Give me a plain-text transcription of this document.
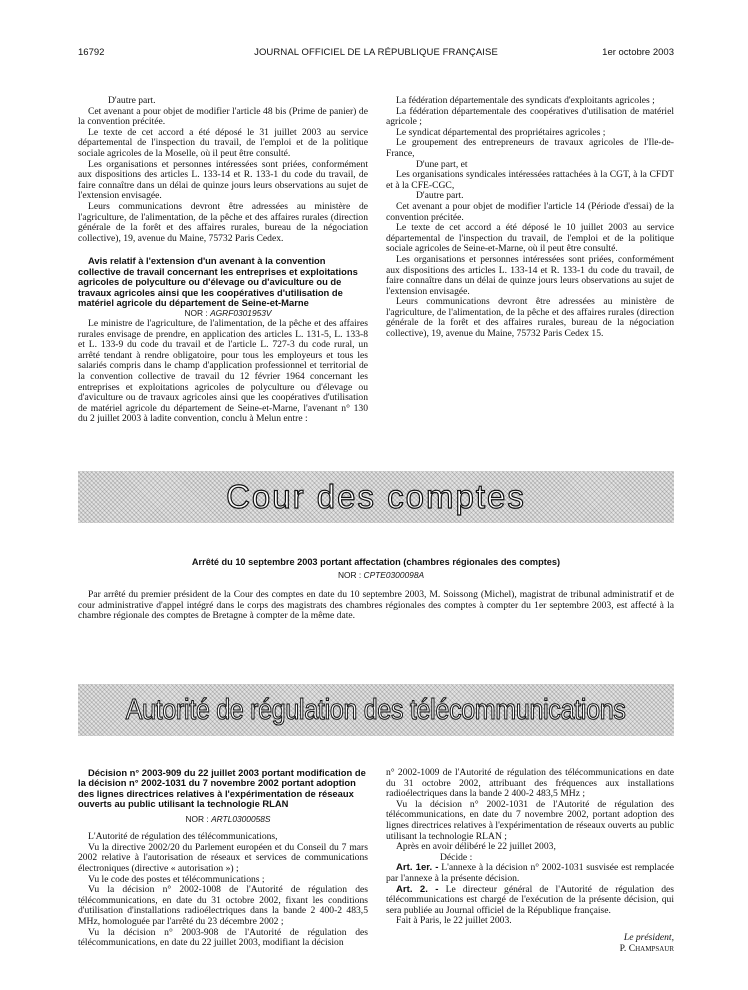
16792	JOURNAL OFFICIEL DE LA RÉPUBLIQUE FRANÇAISE	1er octobre 2003

D'autre part.

Cet avenant a pour objet de modifier l'article 48 bis (Prime de panier) de la convention précitée.

Le texte de cet accord a été déposé le 31 juillet 2003 au service départemental de l'inspection du travail, de l'emploi et de la politique sociale agricoles de la Moselle, où il peut être consulté.

Les organisations et personnes intéressées sont priées, conformément aux dispositions des articles L. 133-14 et R. 133-1 du code du travail, de faire connaître dans un délai de quinze jours leurs observations au sujet de l'extension envisagée.

Leurs communications devront être adressées au ministère de l'agriculture, de l'alimentation, de la pêche et des affaires rurales (direction générale de la forêt et des affaires rurales, bureau de la négociation collective), 19, avenue du Maine, 75732 Paris Cedex.

Avis relatif à l'extension d'un avenant à la convention collective de travail concernant les entreprises et exploitations agricoles de polyculture ou d'élevage ou d'aviculture ou de travaux agricoles ainsi que les coopératives d'utilisation de matériel agricole du département de Seine-et-Marne

NOR : AGRF0301953V

Le ministre de l'agriculture, de l'alimentation, de la pêche et des affaires rurales envisage de prendre, en application des articles L. 131-5, L. 133-8 et L. 133-9 du code du travail et de l'article L. 727-3 du code rural, un arrêté tendant à rendre obligatoire, pour tous les employeurs et tous les salariés compris dans le champ d'application professionnel et territorial de la convention collective de travail du 12 février 1964 concernant les entreprises et exploitations agricoles de polyculture ou d'élevage ou d'aviculture ou de travaux agricoles ainsi que les coopératives d'utilisation de matériel agricole du département de Seine-et-Marne, l'avenant n° 130 du 2 juillet 2003 à ladite convention, conclu à Melun entre :

La fédération départementale des syndicats d'exploitants agricoles ;

La fédération départementale des coopératives d'utilisation de matériel agricole ;

Le syndicat départemental des propriétaires agricoles ;

Le groupement des entrepreneurs de travaux agricoles de l'Ile-de-France,

D'une part, et

Les organisations syndicales intéressées rattachées à la CGT, à la CFDT et à la CFE-CGC,

D'autre part.

Cet avenant a pour objet de modifier l'article 14 (Période d'essai) de la convention précitée.

Le texte de cet accord a été déposé le 10 juillet 2003 au service départemental de l'inspection du travail, de l'emploi et de la politique sociale agricoles de Seine-et-Marne, où il peut être consulté.

Les organisations et personnes intéressées sont priées, conformément aux dispositions des articles L. 133-14 et R. 133-1 du code du travail, de faire connaître dans un délai de quinze jours leurs observations au sujet de l'extension envisagée.

Leurs communications devront être adressées au ministère de l'agriculture, de l'alimentation, de la pêche et des affaires rurales (direction générale de la forêt et des affaires rurales, bureau de la négociation collective), 19, avenue du Maine, 75732 Paris Cedex 15.

Cour des comptes
Arrêté du 10 septembre 2003 portant affectation (chambres régionales des comptes)

NOR : CPTE0300098A

Par arrêté du premier président de la Cour des comptes en date du 10 septembre 2003, M. Soissong (Michel), magistrat de tribunal administratif et de cour administrative d'appel intégré dans le corps des magistrats des chambres régionales des comptes à compter du 1er septembre 2003, est affecté à la chambre régionale des comptes de Bretagne à compter de la même date.

Autorité de régulation des télécommunications

Décision n° 2003-909 du 22 juillet 2003 portant modification de la décision n° 2002-1031 du 7 novembre 2002 portant adoption des lignes directrices relatives à l'expérimentation de réseaux ouverts au public utilisant la technologie RLAN

NOR : ARTL0300058S

L'Autorité de régulation des télécommunications,

Vu la directive 2002/20 du Parlement européen et du Conseil du 7 mars 2002 relative à l'autorisation de réseaux et services de communications électroniques (directive « autorisation ») ;

Vu le code des postes et télécommunications ;

Vu la décision n° 2002-1008 de l'Autorité de régulation des télécommunications, en date du 31 octobre 2002, fixant les conditions d'utilisation d'installations radioélectriques dans la bande 2 400-2 483,5 MHz, homologuée par l'arrêté du 23 décembre 2002 ;

Vu la décision n° 2003-908 de l'Autorité de régulation des télécommunications, en date du 22 juillet 2003, modifiant la décision

n° 2002-1009 de l'Autorité de régulation des télécommunications en date du 31 octobre 2002, attribuant des fréquences aux installations radioélectriques dans la bande 2 400-2 483,5 MHz ;

Vu la décision n° 2002-1031 de l'Autorité de régulation des télécommunications, en date du 7 novembre 2002, portant adoption des lignes directrices relatives à l'expérimentation de réseaux ouverts au public utilisant la technologie RLAN ;

Après en avoir délibéré le 22 juillet 2003,

Décide :

Art. 1er. - L'annexe à la décision n° 2002-1031 susvisée est remplacée par l'annexe à la présente décision.

Art. 2. - Le directeur général de l'Autorité de régulation des télécommunications est chargé de l'exécution de la présente décision, qui sera publiée au Journal officiel de la République française.

Fait à Paris, le 22 juillet 2003.

Le président,

P. Champsaur
